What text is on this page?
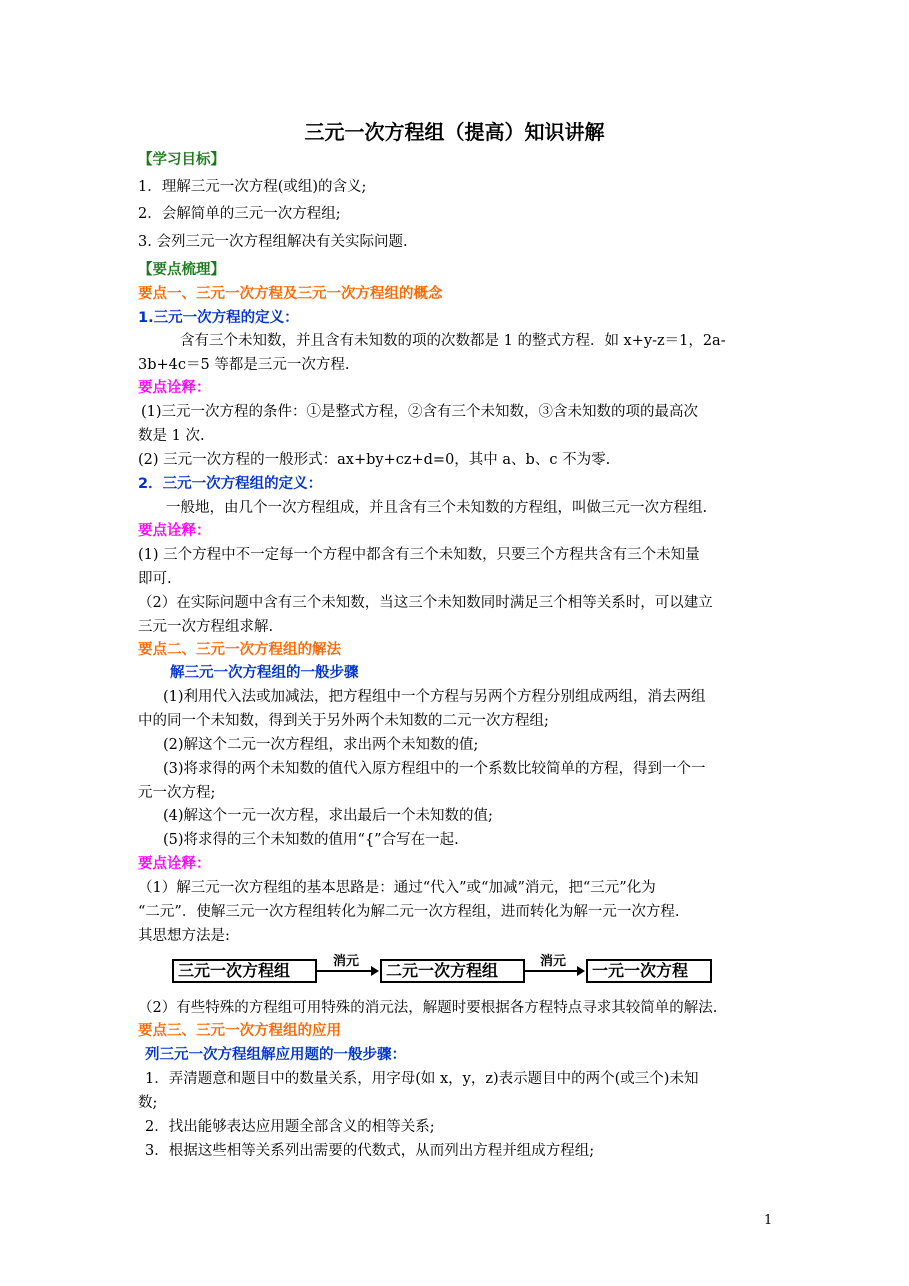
三元一次方程组（提高）知识讲解
【学习目标】
1．理解三元一次方程(或组)的含义;
2．会解简单的三元一次方程组;
3. 会列三元一次方程组解决有关实际问题.
【要点梳理】
要点一、三元一次方程及三元一次方程组的概念
1.三元一次方程的定义：
含有三个未知数，并且含有未知数的项的次数都是 1 的整式方程．如 x+y-z＝1，2a-
3b+4c＝5 等都是三元一次方程.
要点诠释：
(1)三元一次方程的条件：①是整式方程，②含有三个未知数，③含未知数的项的最高次
数是 1 次.
(2) 三元一次方程的一般形式：ax+by+cz+d=0，其中 a、b、c 不为零.
2．三元一次方程组的定义：
一般地，由几个一次方程组成，并且含有三个未知数的方程组，叫做三元一次方程组.
要点诠释：
(1) 三个方程中不一定每一个方程中都含有三个未知数，只要三个方程共含有三个未知量
即可.
（2）在实际问题中含有三个未知数，当这三个未知数同时满足三个相等关系时，可以建立
三元一次方程组求解.
要点二、三元一次方程组的解法
解三元一次方程组的一般步骤
(1)利用代入法或加减法，把方程组中一个方程与另两个方程分别组成两组，消去两组
中的同一个未知数，得到关于另外两个未知数的二元一次方程组;
(2)解这个二元一次方程组，求出两个未知数的值;
(3)将求得的两个未知数的值代入原方程组中的一个系数比较简单的方程，得到一个一
元一次方程;
(4)解这个一元一次方程，求出最后一个未知数的值;
(5)将求得的三个未知数的值用“{”合写在一起.
要点诠释：
（1）解三元一次方程组的基本思路是：通过“代入”或“加减”消元，把“三元”化为
“二元”．使解三元一次方程组转化为解二元一次方程组，进而转化为解一元一次方程.
其思想方法是:
三元一次方程组	消元	二元一次方程组	消元	一元一次方程
（2）有些特殊的方程组可用特殊的消元法，解题时要根据各方程特点寻求其较简单的解法.
要点三、三元一次方程组的应用
列三元一次方程组解应用题的一般步骤：
1．弄清题意和题目中的数量关系，用字母(如 x，y，z)表示题目中的两个(或三个)未知
数;
2．找出能够表达应用题全部含义的相等关系;
3．根据这些相等关系列出需要的代数式，从而列出方程并组成方程组;
1
